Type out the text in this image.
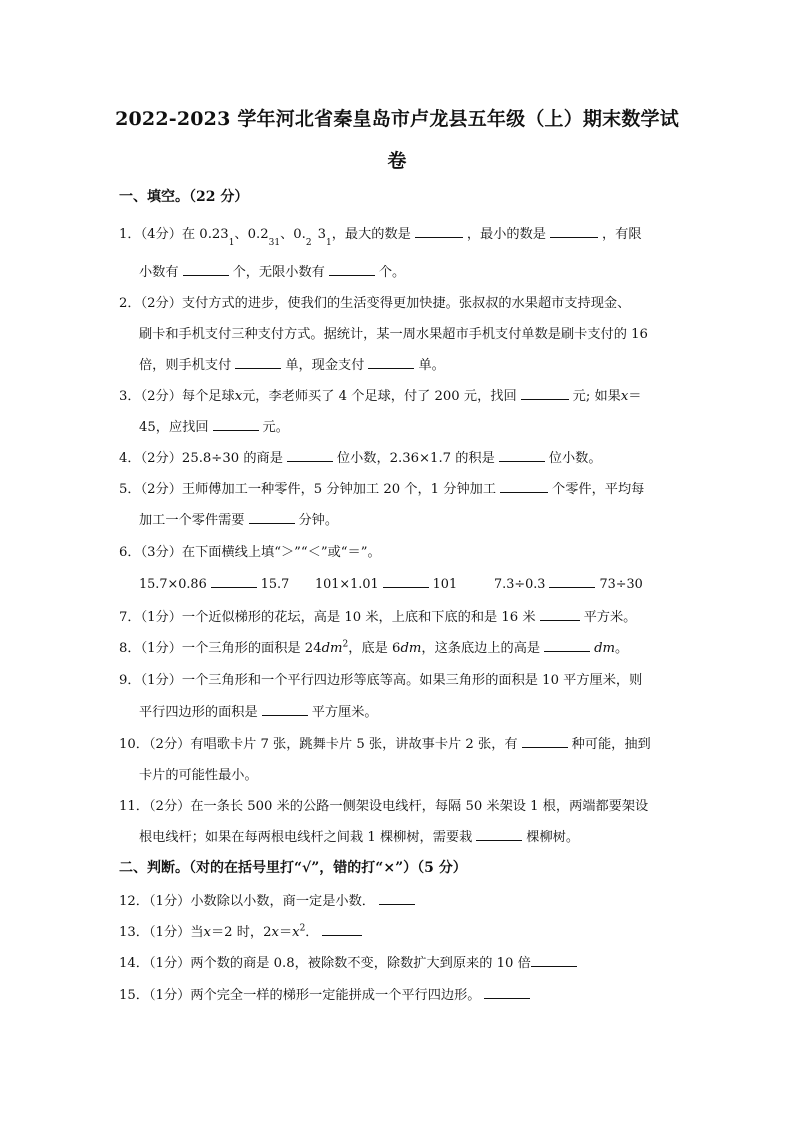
2022-2023 学年河北省秦皇岛市卢龙县五年级（上）期末数学试
卷
一、填空。（22 分）
1．（4分）在 $0.23_1$、$0.2_{31}$、$0._23_1$，最大的数是	，最小的数是	，有限
小数有	个，无限小数有	个。
2．（2分）支付方式的进步，使我们的生活变得更加快捷。张叔叔的水果超市支持现金、
刷卡和手机支付三种支付方式。据统计，某一周水果超市手机支付单数是刷卡支付的 16
倍，则手机支付	单，现金支付	单。
3．（2分）每个足球x元，李老师买了 4 个足球，付了 200 元，找回	元; 如果x＝
45，应找回	元。
4．（2分）25.8÷30 的商是	位小数，2.36×1.7 的积是	位小数。
5．（2分）王师傅加工一种零件，5 分钟加工 20 个，1 分钟加工	个零件，平均每
加工一个零件需要	分钟。
6．（3分）在下面横线上填“＞”“＜”或“＝”。
15.7×0.86	15.7 101×1.01	101	7.3÷0.3	73÷30
7．（1分）一个近似梯形的花坛，高是 10 米，上底和下底的和是 16 米	平方米。
8．（1分）一个三角形的面积是 $24dm^2$，底是 6dm，这条底边上的高是	dm。
9．（1分）一个三角形和一个平行四边形等底等高。如果三角形的面积是 10 平方厘米，则
平行四边形的面积是	平方厘米。
10．（2分）有唱歌卡片 7 张，跳舞卡片 5 张，讲故事卡片 2 张，有	种可能，抽到
卡片的可能性最小。
11．（2分）在一条长 500 米的公路一侧架设电线杆，每隔 50 米架设 1 根，两端都要架设
根电线杆；如果在每两根电线杆之间栽 1 棵柳树，需要栽	棵柳树。
二、判断。（对的在括号里打“√”，错的打“×”）（5 分）
12．（1分）小数除以小数，商一定是小数．
13．（1分）当x＝2 时，$2x=x^2$．
14．（1分）两个数的商是 0.8，被除数不变，除数扩大到原来的 10 倍
15．（1分）两个完全一样的梯形一定能拼成一个平行四边形。
